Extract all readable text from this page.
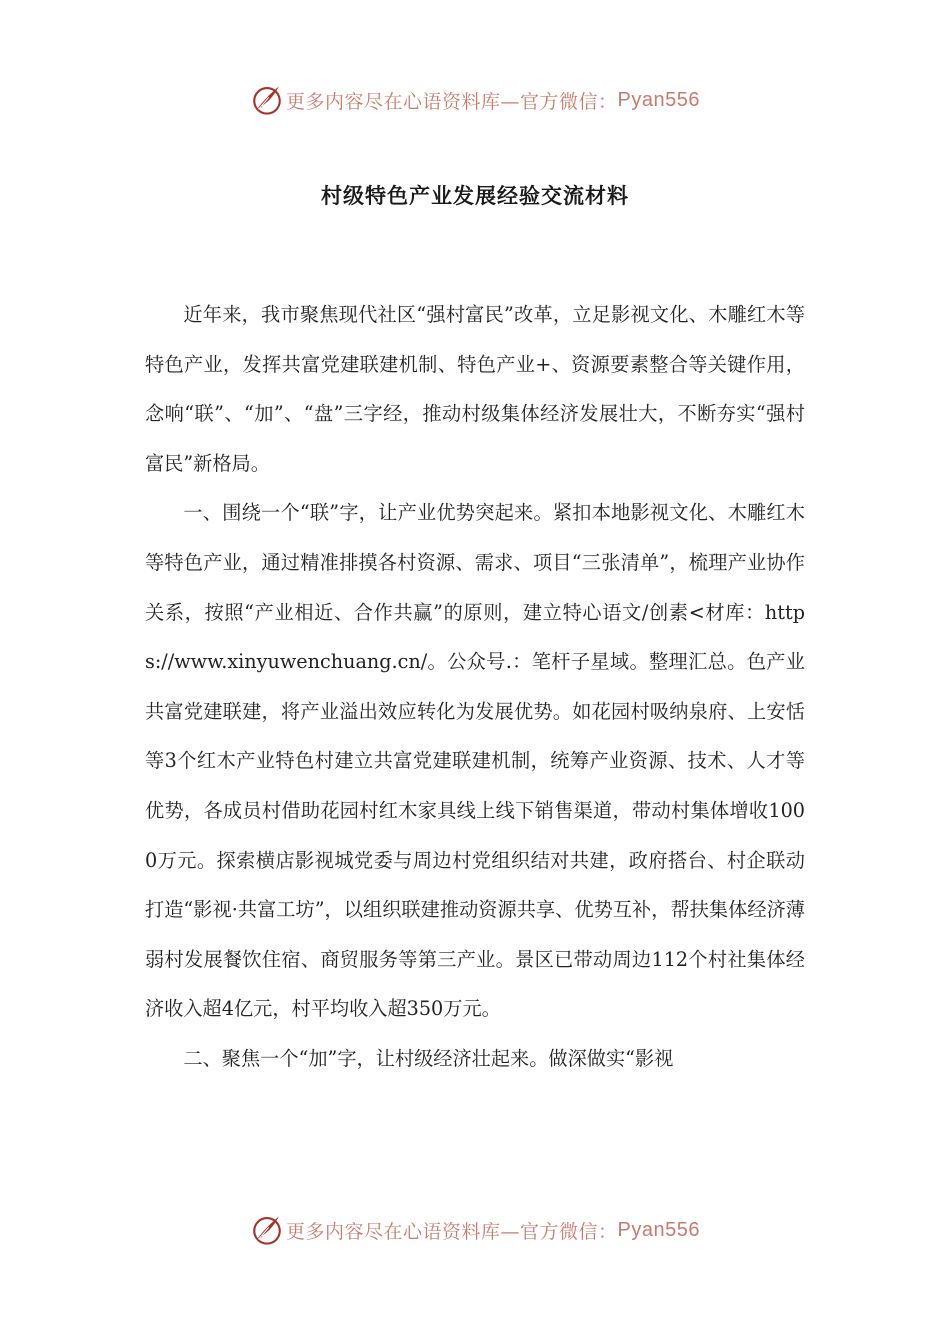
更多内容尽在心语资料库—官方微信： Pyan556
村级特色产业发展经验交流材料

近年来，我市聚焦现代社区“强村富民”改革，立足影视文化、木雕红木等特色产业，发挥共富党建联建机制、特色产业+、资源要素整合等关键作用，念响“联”、“加”、“盘”三字经，推动村级集体经济发展壮大，不断夯实“强村富民”新格局。

一、围绕一个“联”字，让产业优势突起来。紧扣本地影视文化、木雕红木等特色产业，通过精准排摸各村资源、需求、项目“三张清单”，梳理产业协作关系，按照“产业相近、合作共赢”的原则，建立特心语文/创素<材库：https://www.xinyuwenchuang.cn/。公众号.：笔杆子星域。整理汇总。色产业共富党建联建，将产业溢出效应转化为发展优势。如花园村吸纳泉府、上安恬等3个红木产业特色村建立共富党建联建机制，统筹产业资源、技术、人才等优势，各成员村借助花园村红木家具线上线下销售渠道，带动村集体增收1000万元。探索横店影视城党委与周边村党组织结对共建，政府搭台、村企联动打造“影视·共富工坊”，以组织联建推动资源共享、优势互补，帮扶集体经济薄弱村发展餐饮住宿、商贸服务等第三产业。景区已带动周边112个村社集体经济收入超4亿元，村平均收入超350万元。

二、聚焦一个“加”字，让村级经济壮起来。做深做实“影视

更多内容尽在心语资料库—官方微信： Pyan556
